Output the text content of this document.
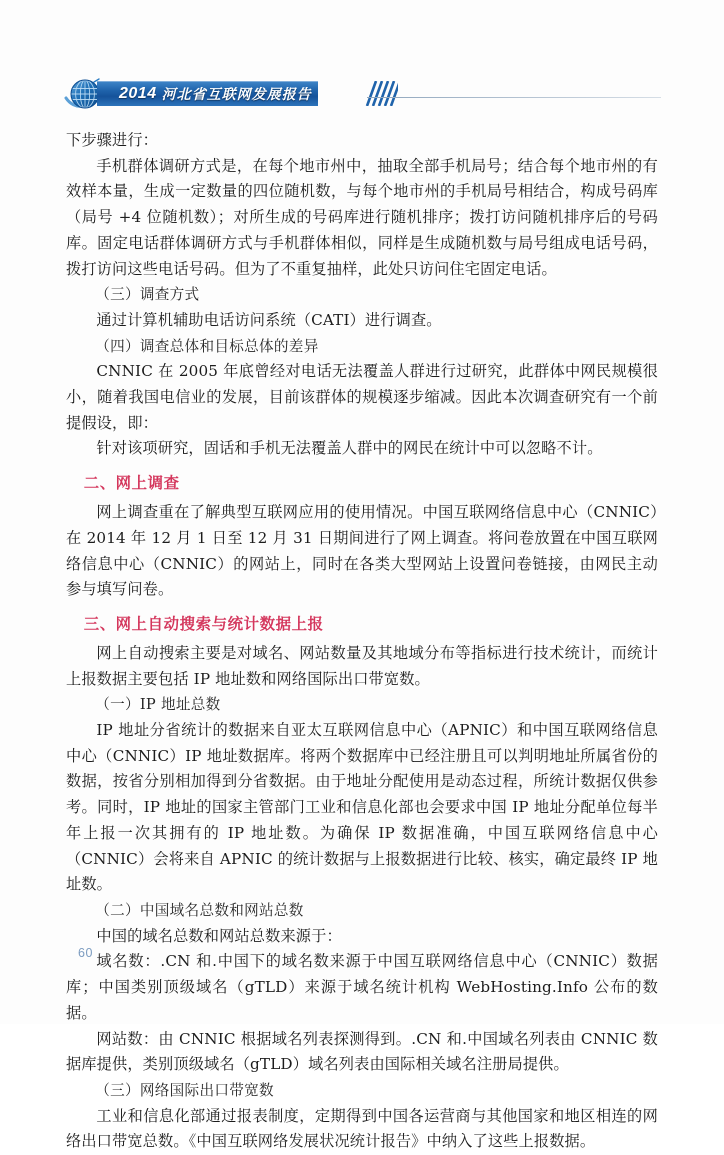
2014 河北省互联网发展报告

下步骤进行：

手机群体调研方式是，在每个地市州中，抽取全部手机局号；结合每个地市州的有效样本量，生成一定数量的四位随机数，与每个地市州的手机局号相结合，构成号码库（局号 +4 位随机数）；对所生成的号码库进行随机排序；拨打访问随机排序后的号码库。固定电话群体调研方式与手机群体相似，同样是生成随机数与局号组成电话号码，拨打访问这些电话号码。但为了不重复抽样，此处只访问住宅固定电话。

（三）调查方式

通过计算机辅助电话访问系统（CATI）进行调查。

（四）调查总体和目标总体的差异

CNNIC 在 2005 年底曾经对电话无法覆盖人群进行过研究，此群体中网民规模很小，随着我国电信业的发展，目前该群体的规模逐步缩减。因此本次调查研究有一个前提假设，即：

针对该项研究，固话和手机无法覆盖人群中的网民在统计中可以忽略不计。

二、网上调查

网上调查重在了解典型互联网应用的使用情况。中国互联网络信息中心（CNNIC）在 2014 年 12 月 1 日至 12 月 31 日期间进行了网上调查。将问卷放置在中国互联网络信息中心（CNNIC）的网站上，同时在各类大型网站上设置问卷链接，由网民主动参与填写问卷。

三、网上自动搜索与统计数据上报

网上自动搜索主要是对域名、网站数量及其地域分布等指标进行技术统计，而统计上报数据主要包括 IP 地址数和网络国际出口带宽数。

（一）IP 地址总数

IP 地址分省统计的数据来自亚太互联网信息中心（APNIC）和中国互联网络信息中心（CNNIC）IP 地址数据库。将两个数据库中已经注册且可以判明地址所属省份的数据，按省分别相加得到分省数据。由于地址分配使用是动态过程，所统计数据仅供参考。同时，IP 地址的国家主管部门工业和信息化部也会要求中国 IP 地址分配单位每半年上报一次其拥有的 IP 地址数。为确保 IP 数据准确，中国互联网络信息中心（CNNIC）会将来自 APNIC 的统计数据与上报数据进行比较、核实，确定最终 IP 地址数。

（二）中国域名总数和网站总数

中国的域名总数和网站总数来源于：

域名数：.CN 和.中国下的域名数来源于中国互联网络信息中心（CNNIC）数据库；中国类别顶级域名（gTLD）来源于域名统计机构 WebHosting.Info 公布的数据。

网站数：由 CNNIC 根据域名列表探测得到。.CN 和.中国域名列表由 CNNIC 数据库提供，类别顶级域名（gTLD）域名列表由国际相关域名注册局提供。

（三）网络国际出口带宽数

工业和信息化部通过报表制度，定期得到中国各运营商与其他国家和地区相连的网络出口带宽总数。《中国互联网络发展状况统计报告》中纳入了这些上报数据。

60
